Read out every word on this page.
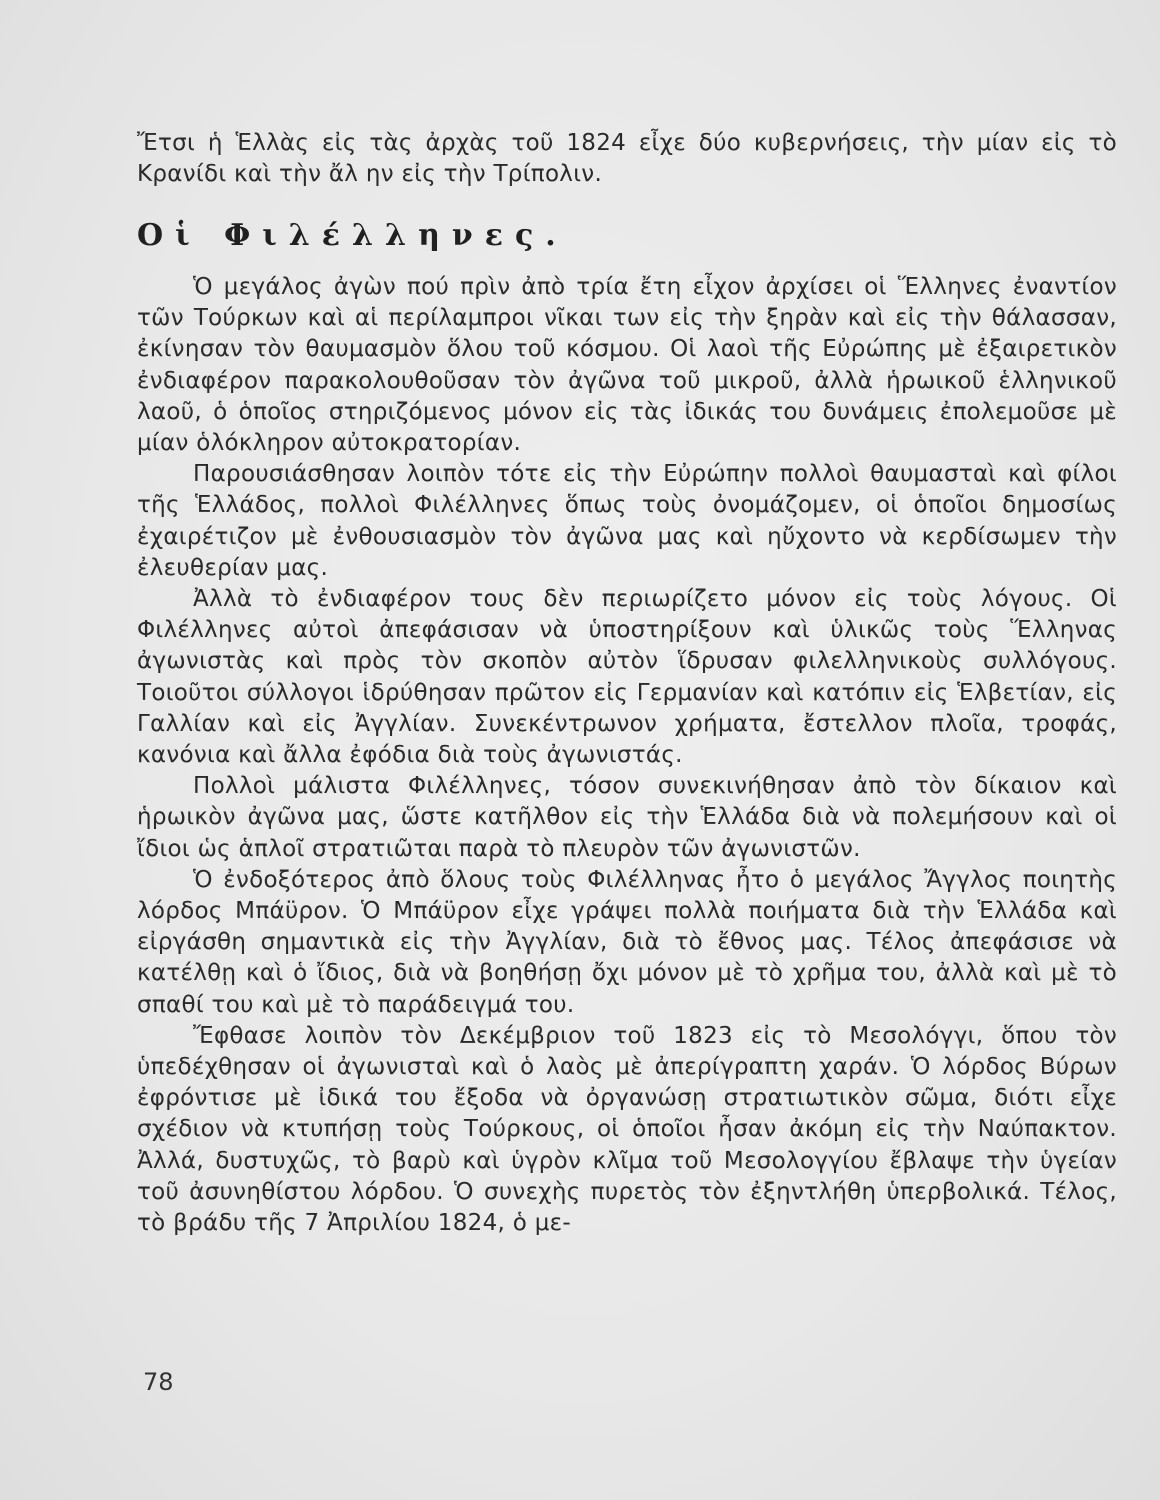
Ἔτσι ἡ Ἑλλὰς εἰς τὰς ἀρχὰς τοῦ 1824 εἶχε δύο κυβερνήσεις, τὴν μίαν εἰς τὸ Κρανίδι καὶ τὴν ἄλ ην εἰς τὴν Τρίπολιν.

Οἱ Φιλέλληνες.

Ὁ μεγάλος ἀγὼν πού πρὶν ἀπὸ τρία ἔτη εἶχον ἀρχίσει οἱ Ἕλληνες ἐναντίον τῶν Τούρκων καὶ αἱ περίλαμπροι νῖκαι των εἰς τὴν ξηρὰν καὶ εἰς τὴν θάλασσαν, ἐκίνησαν τὸν θαυμασμὸν ὅλου τοῦ κόσμου. Οἱ λαοὶ τῆς Εὐρώπης μὲ ἐξαιρετικὸν ἐνδιαφέρον παρακολουθοῦσαν τὸν ἀγῶνα τοῦ μικροῦ, ἀλλὰ ἡρωικοῦ ἑλληνικοῦ λαοῦ, ὁ ὁποῖος στηριζόμενος μόνον εἰς τὰς ἰδικάς του δυνάμεις ἐπολεμοῦσε μὲ μίαν ὁλόκληρον αὐτοκρατορίαν.

Παρουσιάσθησαν λοιπὸν τότε εἰς τὴν Εὐρώπην πολλοὶ θαυμασταὶ καὶ φίλοι τῆς Ἑλλάδος, πολλοὶ Φιλέλληνες ὅπως τοὺς ὀνομάζομεν, οἱ ὁποῖοι δημοσίως ἐχαιρέτιζον μὲ ἐνθουσιασμὸν τὸν ἀγῶνα μας καὶ ηὔχοντο νὰ κερδίσωμεν τὴν ἐλευθερίαν μας.

Ἀλλὰ τὸ ἐνδιαφέρον τους δὲν περιωρίζετο μόνον εἰς τοὺς λόγους. Οἱ Φιλέλληνες αὐτοὶ ἀπεφάσισαν νὰ ὑποστηρίξουν καὶ ὑλικῶς τοὺς Ἕλληνας ἀγωνιστὰς καὶ πρὸς τὸν σκοπὸν αὐτὸν ἵδρυσαν φιλελληνικοὺς συλλόγους. Τοιοῦτοι σύλλογοι ἱδρύθησαν πρῶτον εἰς Γερμανίαν καὶ κατόπιν εἰς Ἑλβετίαν, εἰς Γαλλίαν καὶ εἰς Ἀγγλίαν. Συνεκέντρωνον χρήματα, ἔστελλον πλοῖα, τροφάς, κανόνια καὶ ἄλλα ἐφόδια διὰ τοὺς ἀγωνιστάς.

Πολλοὶ μάλιστα Φιλέλληνες, τόσον συνεκινήθησαν ἀπὸ τὸν δίκαιον καὶ ἡρωικὸν ἀγῶνα μας, ὥστε κατῆλθον εἰς τὴν Ἑλλάδα διὰ νὰ πολεμήσουν καὶ οἱ ἴδιοι ὡς ἁπλοῖ στρατιῶται παρὰ τὸ πλευρὸν τῶν ἀγωνιστῶν.

Ὁ ἐνδοξότερος ἀπὸ ὅλους τοὺς Φιλέλληνας ἦτο ὁ μεγάλος Ἄγγλος ποιητὴς λόρδος Μπάϋρον. Ὁ Μπάϋρον εἶχε γράψει πολλὰ ποιήματα διὰ τὴν Ἑλλάδα καὶ εἰργάσθη σημαντικὰ εἰς τὴν Ἀγγλίαν, διὰ τὸ ἔθνος μας. Τέλος ἀπεφάσισε νὰ κατέλθῃ καὶ ὁ ἴδιος, διὰ νὰ βοηθήσῃ ὄχι μόνον μὲ τὸ χρῆμα του, ἀλλὰ καὶ μὲ τὸ σπαθί του καὶ μὲ τὸ παράδειγμά του.

Ἔφθασε λοιπὸν τὸν Δεκέμβριον τοῦ 1823 εἰς τὸ Μεσολόγγι, ὅπου τὸν ὑπεδέχθησαν οἱ ἀγωνισταὶ καὶ ὁ λαὸς μὲ ἀπερίγραπτη χαράν. Ὁ λόρδος Βύρων ἐφρόντισε μὲ ἰδικά του ἔξοδα νὰ ὀργανώσῃ στρατιωτικὸν σῶμα, διότι εἶχε σχέδιον νὰ κτυπήσῃ τοὺς Τούρκους, οἱ ὁποῖοι ἦσαν ἀκόμη εἰς τὴν Ναύπακτον. Ἀλλά, δυστυχῶς, τὸ βαρὺ καὶ ὑγρὸν κλῖμα τοῦ Μεσολογγίου ἔβλαψε τὴν ὑγείαν τοῦ ἀσυνηθίστου λόρδου. Ὁ συνεχὴς πυρετὸς τὸν ἐξηντλήθη ὑπερβολικά. Τέλος, τὸ βράδυ τῆς 7 Ἀπριλίου 1824, ὁ με-

78
